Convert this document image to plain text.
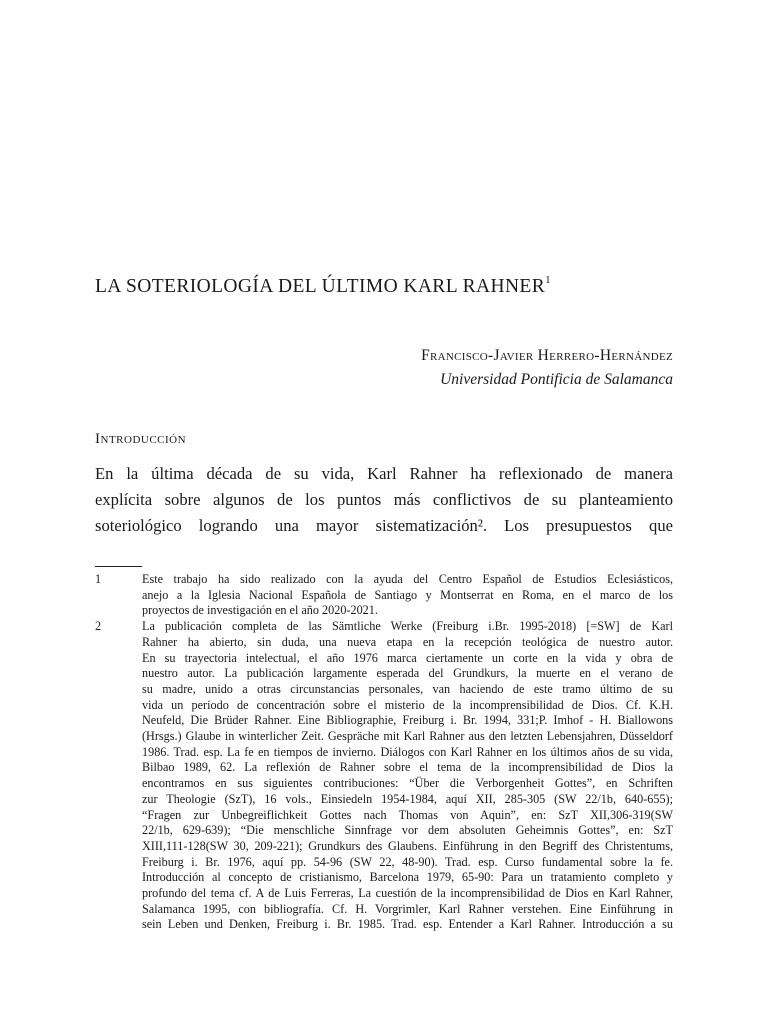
LA SOTERIOLOGÍA DEL ÚLTIMO KARL RAHNER$^1$
Francisco-Javier Herrero-Hernández
Universidad Pontificia de Salamanca
Introducción
En la última década de su vida, Karl Rahner ha reflexionado de manera
explícita sobre algunos de los puntos más conflictivos de su planteamiento
soteriológico logrando una mayor sistematización². Los presupuestos que
1	Este trabajo ha sido realizado con la ayuda del Centro Español de Estudios Eclesiásticos,
anejo a la Iglesia Nacional Española de Santiago y Montserrat en Roma, en el marco de los
proyectos de investigación en el año 2020-2021.
2	La publicación completa de las Sämtliche Werke (Freiburg i.Br. 1995-2018) [=SW] de Karl
Rahner ha abierto, sin duda, una nueva etapa en la recepción teológica de nuestro autor.
En su trayectoria intelectual, el año 1976 marca ciertamente un corte en la vida y obra de
nuestro autor. La publicación largamente esperada del Grundkurs, la muerte en el verano de
su madre, unido a otras circunstancias personales, van haciendo de este tramo último de su
vida un período de concentración sobre el misterio de la incomprensibilidad de Dios. Cf. K.H.
Neufeld, Die Brüder Rahner. Eine Bibliographie, Freiburg i. Br. 1994, 331;P. Imhof - H. Biallowons
(Hrsgs.) Glaube in winterlicher Zeit. Gespräche mit Karl Rahner aus den letzten Lebensjahren, Düsseldorf
1986. Trad. esp. La fe en tiempos de invierno. Diálogos con Karl Rahner en los últimos años de su vida,
Bilbao 1989, 62. La reflexión de Rahner sobre el tema de la incomprensibilidad de Dios la
encontramos en sus siguientes contribuciones: “Über die Verborgenheit Gottes”, en Schriften
zur Theologie (SzT), 16 vols., Einsiedeln 1954-1984, aquí XII, 285-305 (SW 22/1b, 640-655);
“Fragen zur Unbegreiflichkeit Gottes nach Thomas von Aquin”, en: SzT XII,306-319(SW
22/1b, 629-639); “Die menschliche Sinnfrage vor dem absoluten Geheimnis Gottes”, en: SzT
XIII,111-128(SW 30, 209-221); Grundkurs des Glaubens. Einführung in den Begriff des Christentums,
Freiburg i. Br. 1976, aquí pp. 54-96 (SW 22, 48-90). Trad. esp. Curso fundamental sobre la fe.
Introducción al concepto de cristianismo, Barcelona 1979, 65-90: Para un tratamiento completo y
profundo del tema cf. A de Luis Ferreras, La cuestión de la incomprensibilidad de Dios en Karl Rahner,
Salamanca 1995, con bibliografía. Cf. H. Vorgrimler, Karl Rahner verstehen. Eine Einführung in
sein Leben und Denken, Freiburg i. Br. 1985. Trad. esp. Entender a Karl Rahner. Introducción a su
